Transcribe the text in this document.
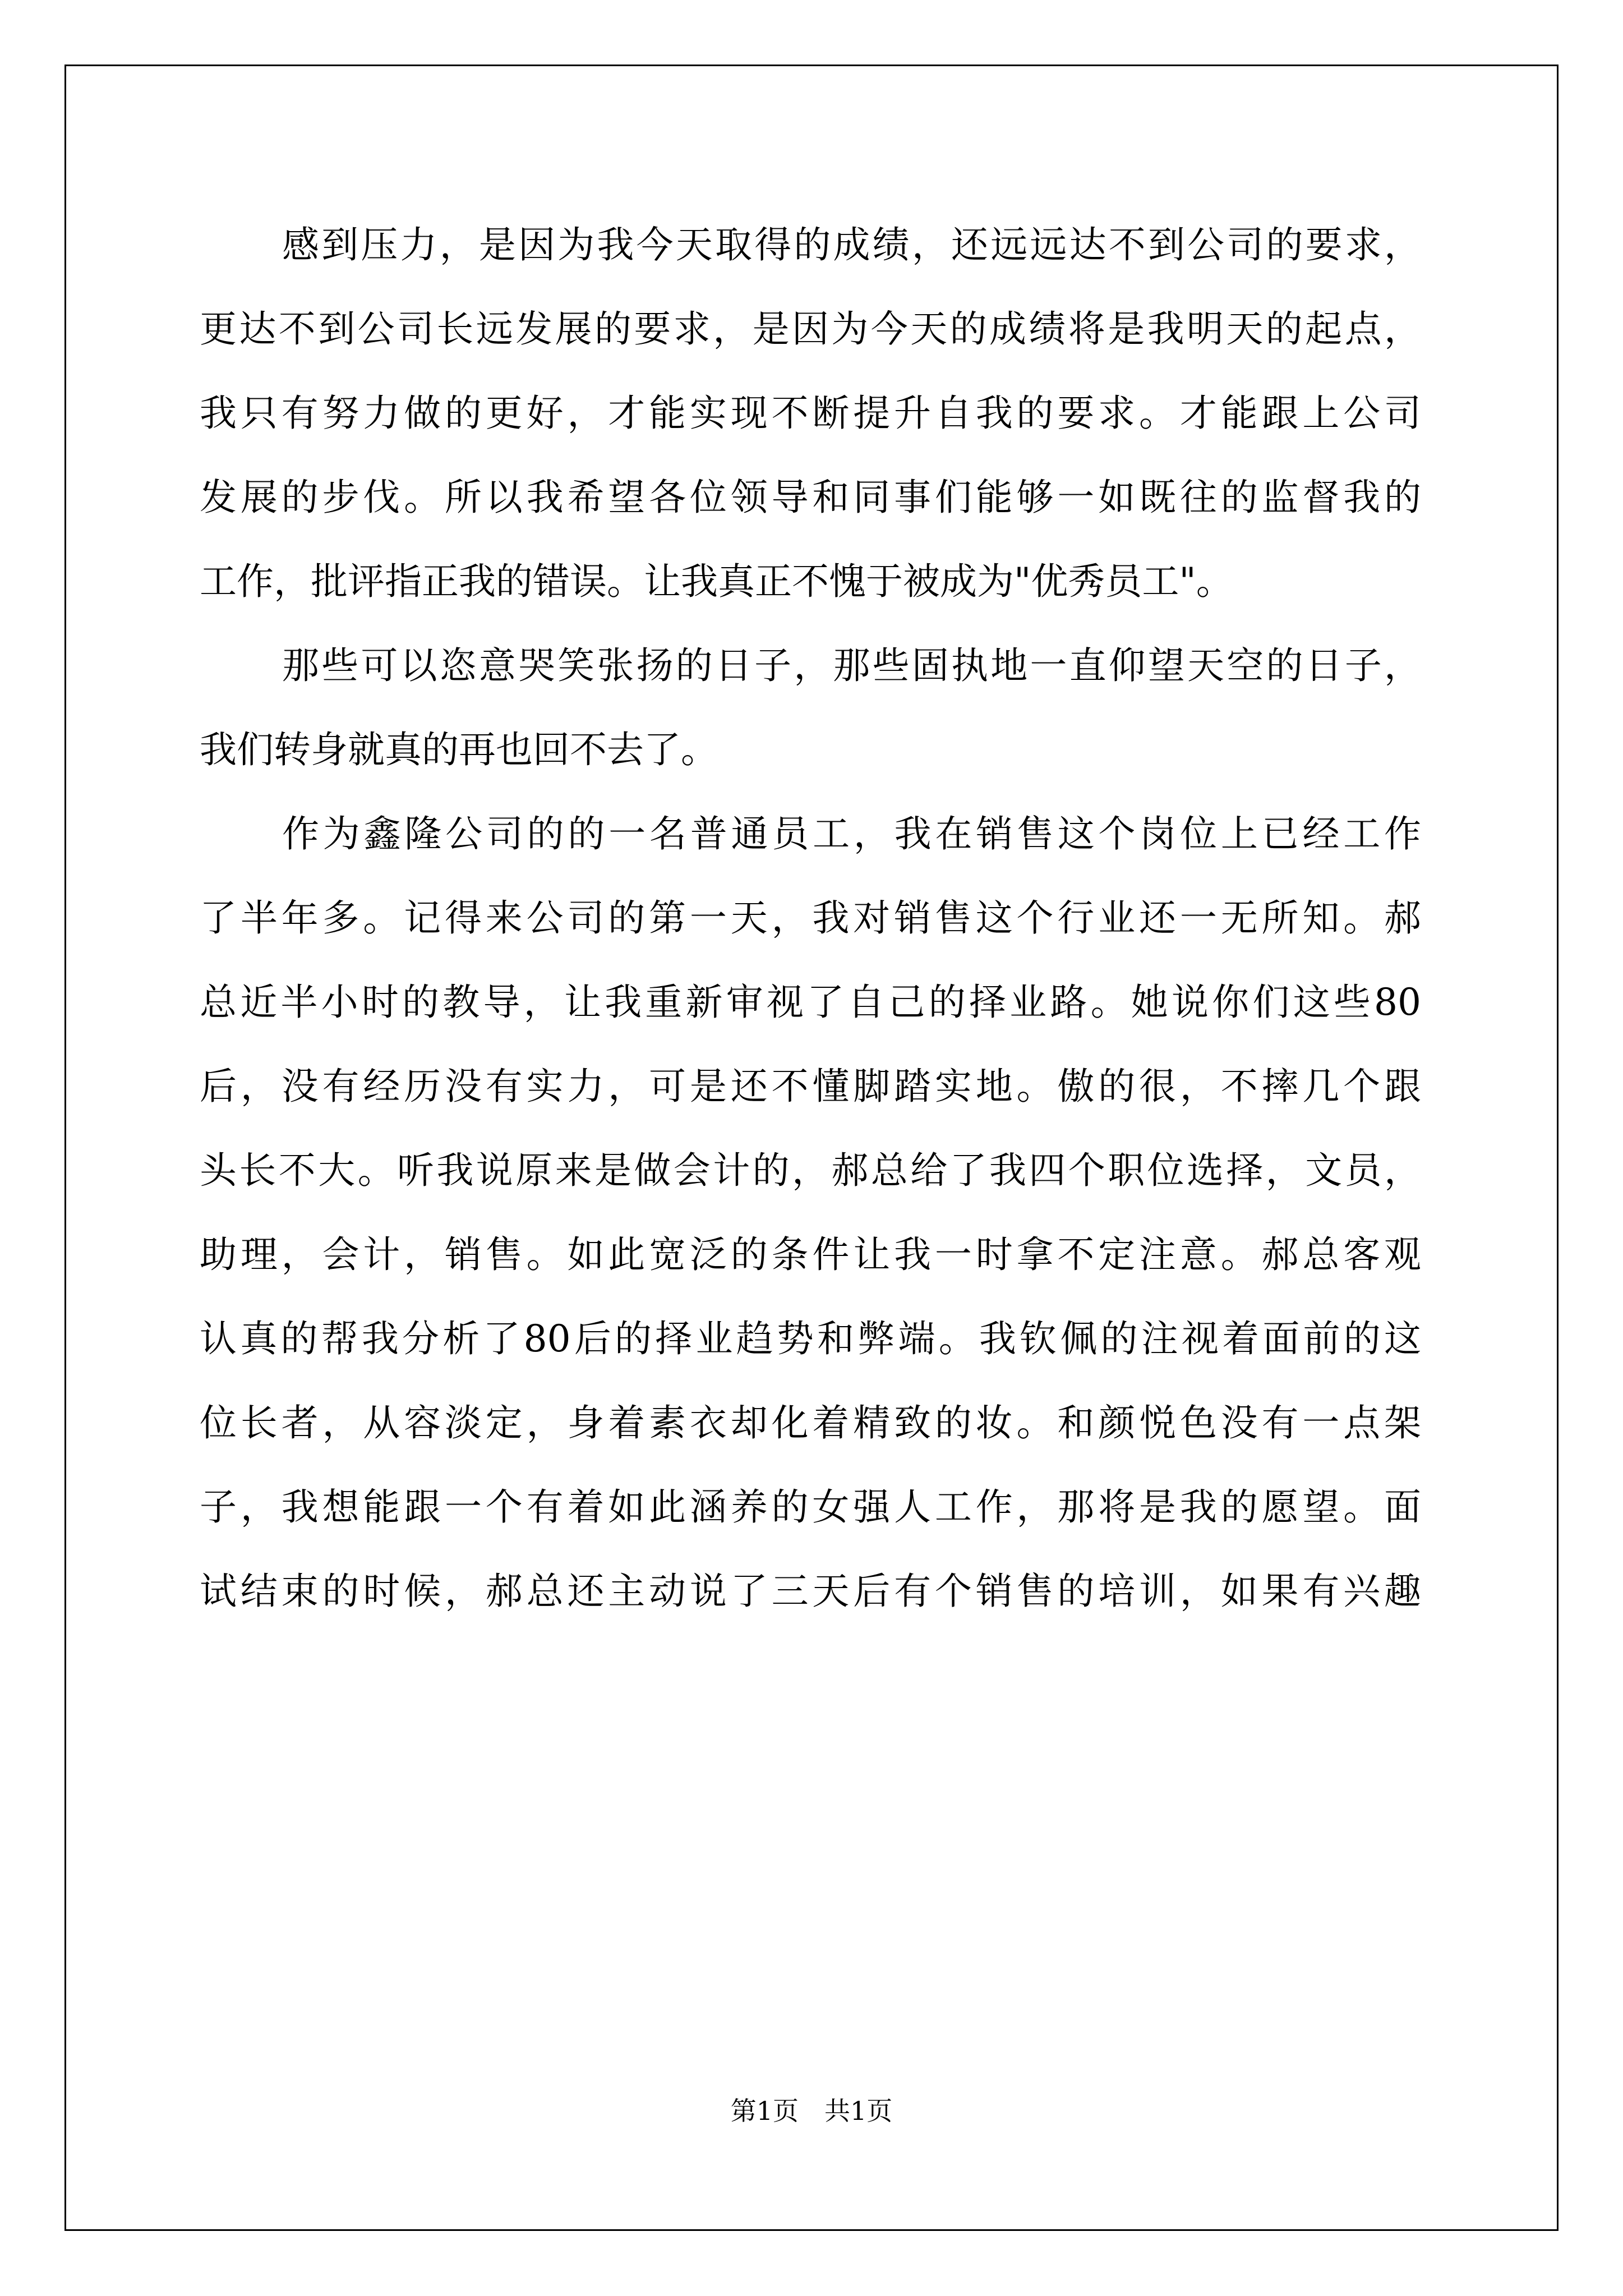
感到压力，是因为我今天取得的成绩，还远远达不到公司的要求，
更达不到公司长远发展的要求，是因为今天的成绩将是我明天的起点，
我只有努力做的更好，才能实现不断提升自我的要求。才能跟上公司
发展的步伐。所以我希望各位领导和同事们能够一如既往的监督我的
工作，批评指正我的错误。让我真正不愧于被成为"优秀员工"。
那些可以恣意哭笑张扬的日子，那些固执地一直仰望天空的日子，
我们转身就真的再也回不去了。
作为鑫隆公司的的一名普通员工，我在销售这个岗位上已经工作
了半年多。记得来公司的第一天，我对销售这个行业还一无所知。郝
总近半小时的教导，让我重新审视了自己的择业路。她说你们这些80
后，没有经历没有实力，可是还不懂脚踏实地。傲的很，不摔几个跟
头长不大。听我说原来是做会计的，郝总给了我四个职位选择，文员，
助理，会计，销售。如此宽泛的条件让我一时拿不定注意。郝总客观
认真的帮我分析了80后的择业趋势和弊端。我钦佩的注视着面前的这
位长者，从容淡定，身着素衣却化着精致的妆。和颜悦色没有一点架
子，我想能跟一个有着如此涵养的女强人工作，那将是我的愿望。面
试结束的时候，郝总还主动说了三天后有个销售的培训，如果有兴趣
第1页　共1页
